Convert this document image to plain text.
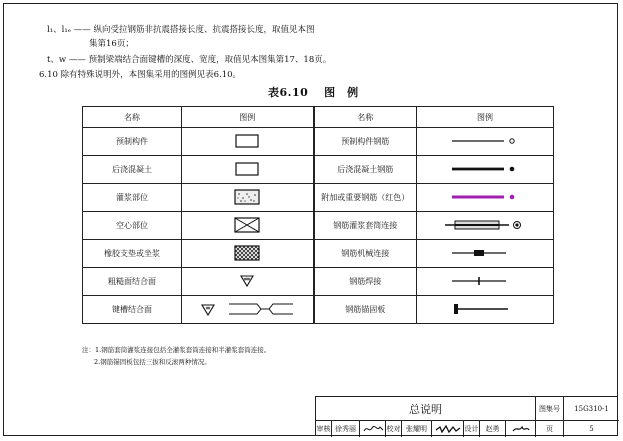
l₁、l₁ₑ —— 纵向受拉钢筋非抗震搭接长度、抗震搭接长度，取值见本图
集第16页；
t、w —— 预制梁端结合面键槽的深度、宽度，取值见本图集第17、18页。
6.10 除有特殊说明外，本图集采用的图例见表6.10。
表6.10　 图　例
名称	图例	名称	图例
预制构件		预制构件钢筋	
后浇混凝土		后浇混凝土钢筋	
灌浆部位		附加或重要钢筋（红色）	
空心部位		钢筋灌浆套筒连接	
橡胶支垫或坐浆		钢筋机械连接	
粗糙面结合面		钢筋焊接	
键槽结合面		钢筋锚固板	
注：1.钢筋套筒灌浆连接包括全灌浆套筒连接和半灌浆套筒连接。
2.钢筋锚固板包括三拔和反滚两种情况。
总说明	图集号	15G310-1
审核 徐秀丽	校对 张耀明	设计	赵勇	页	5
